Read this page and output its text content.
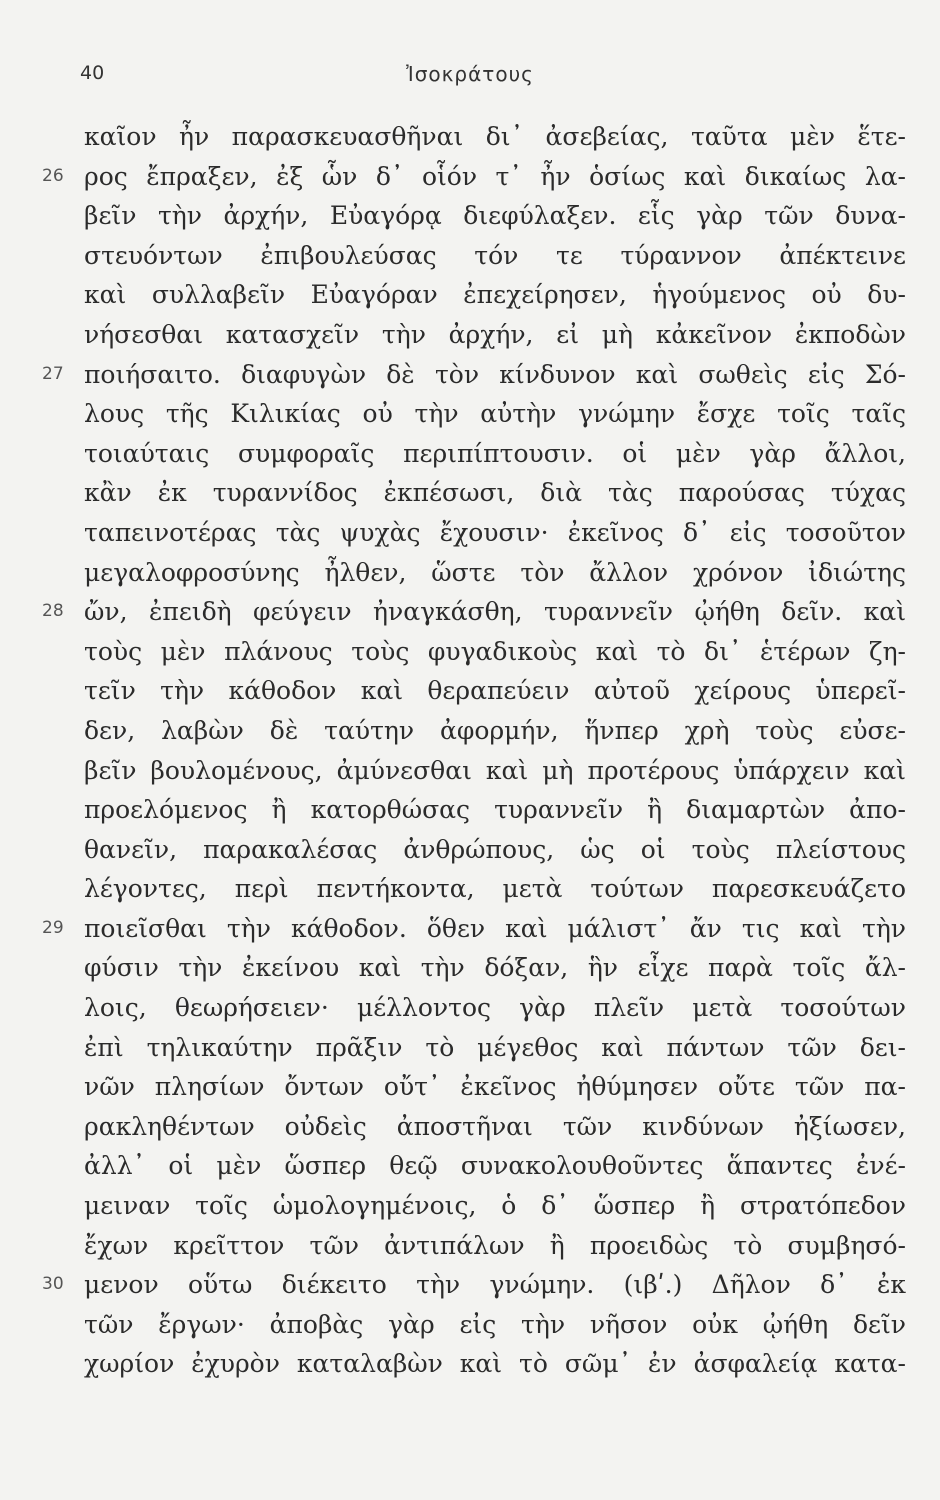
40	Ἰσοκράτους
καῖον ἦν παρασκευασθῆναι δι᾽ ἀσεβείας, ταῦτα μὲν ἕτε-
26 ρος ἔπραξεν, ἐξ ὧν δ᾽ οἷόν τ᾽ ἦν ὁσίως καὶ δικαίως λα-
βεῖν τὴν ἀρχήν, Εὐαγόρᾳ διεφύλαξεν. εἷς γὰρ τῶν δυνα-
στευόντων ἐπιβουλεύσας τόν τε τύραννον ἀπέκτεινε
καὶ συλλαβεῖν Εὐαγόραν ἐπεχείρησεν, ἡγούμενος οὐ δυ-
νήσεσθαι κατασχεῖν τὴν ἀρχήν, εἰ μὴ κἀκεῖνον ἐκποδὼν
27 ποιήσαιτο. διαφυγὼν δὲ τὸν κίνδυνον καὶ σωθεὶς εἰς Σό-
λους τῆς Κιλικίας οὐ τὴν αὐτὴν γνώμην ἔσχε τοῖς ταῖς
τοιαύταις συμφοραῖς περιπίπτουσιν. οἱ μὲν γὰρ ἄλλοι,
κἂν ἐκ τυραννίδος ἐκπέσωσι, διὰ τὰς παρούσας τύχας
ταπεινοτέρας τὰς ψυχὰς ἔχουσιν· ἐκεῖνος δ᾽ εἰς τοσοῦτον
μεγαλοφροσύνης ἦλθεν, ὥστε τὸν ἄλλον χρόνον ἰδιώτης
28 ὤν, ἐπειδὴ φεύγειν ἠναγκάσθη, τυραννεῖν ᾠήθη δεῖν. καὶ
τοὺς μὲν πλάνους τοὺς φυγαδικοὺς καὶ τὸ δι᾽ ἑτέρων ζη-
τεῖν τὴν κάθοδον καὶ θεραπεύειν αὐτοῦ χείρους ὑπερεῖ-
δεν, λαβὼν δὲ ταύτην ἀφορμήν, ἥνπερ χρὴ τοὺς εὐσε-
βεῖν βουλομένους, ἀμύνεσθαι καὶ μὴ προτέρους ὑπάρχειν καὶ
προελόμενος ἢ κατορθώσας τυραννεῖν ἢ διαμαρτὼν ἀπο-
θανεῖν, παρακαλέσας ἀνθρώπους, ὡς οἱ τοὺς πλείστους
λέγοντες, περὶ πεντήκοντα, μετὰ τούτων παρεσκευάζετο
29 ποιεῖσθαι τὴν κάθοδον. ὅθεν καὶ μάλιστ᾽ ἄν τις καὶ τὴν
φύσιν τὴν ἐκείνου καὶ τὴν δόξαν, ἣν εἶχε παρὰ τοῖς ἄλ-
λοις, θεωρήσειεν· μέλλοντος γὰρ πλεῖν μετὰ τοσούτων
ἐπὶ τηλικαύτην πρᾶξιν τὸ μέγεθος καὶ πάντων τῶν δει-
νῶν πλησίων ὄντων οὔτ᾽ ἐκεῖνος ἠθύμησεν οὔτε τῶν πα-
ρακληθέντων οὐδεὶς ἀποστῆναι τῶν κινδύνων ἠξίωσεν,
ἀλλ᾽ οἱ μὲν ὥσπερ θεῷ συνακολουθοῦντες ἅπαντες ἐνέ-
μειναν τοῖς ὡμολογημένοις, ὁ δ᾽ ὥσπερ ἢ στρατόπεδον
ἔχων κρεῖττον τῶν ἀντιπάλων ἢ προειδὼς τὸ συμβησό-
30 μενον οὕτω διέκειτο τὴν γνώμην. (ιβʹ.) Δῆλον δ᾽ ἐκ
τῶν ἔργων· ἀποβὰς γὰρ εἰς τὴν νῆσον οὐκ ᾠήθη δεῖν
χωρίον ἐχυρὸν καταλαβὼν καὶ τὸ σῶμ᾽ ἐν ἀσφαλείᾳ κατα-
